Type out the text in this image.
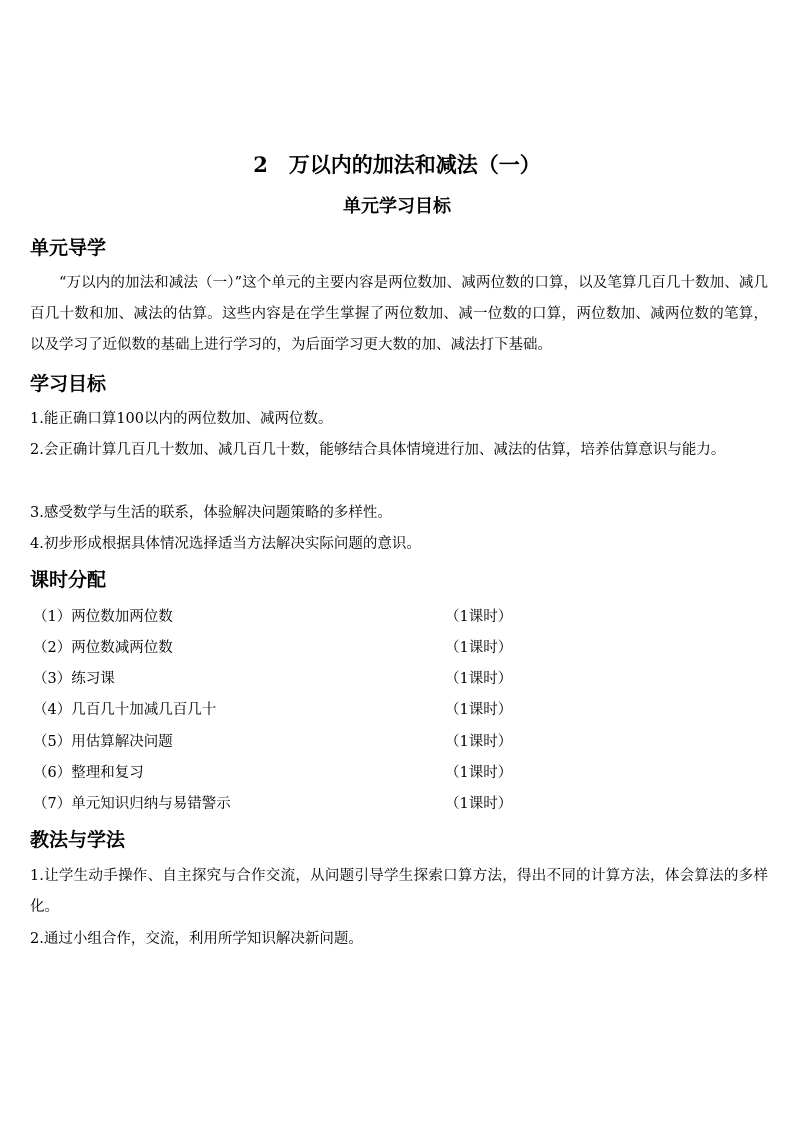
2　万以内的加法和减法（一）
单元学习目标
单元导学
“万以内的加法和减法（一）”这个单元的主要内容是两位数加、减两位数的口算，以及笔算几百几十数加、减几百几十数和加、减法的估算。这些内容是在学生掌握了两位数加、减一位数的口算，两位数加、减两位数的笔算，以及学习了近似数的基础上进行学习的，为后面学习更大数的加、减法打下基础。
学习目标
1.能正确口算100以内的两位数加、减两位数。
2.会正确计算几百几十数加、减几百几十数，能够结合具体情境进行加、减法的估算，培养估算意识与能力。
3.感受数学与生活的联系，体验解决问题策略的多样性。
4.初步形成根据具体情况选择适当方法解决实际问题的意识。
课时分配
（1）两位数加两位数	（1课时）
（2）两位数减两位数	（1课时）
（3）练习课	（1课时）
（4）几百几十加减几百几十	（1课时）
（5）用估算解决问题	（1课时）
（6）整理和复习	（1课时）
（7）单元知识归纳与易错警示	（1课时）
教法与学法
1.让学生动手操作、自主探究与合作交流，从问题引导学生探索口算方法，得出不同的计算方法，体会算法的多样化。
2.通过小组合作，交流，利用所学知识解决新问题。
